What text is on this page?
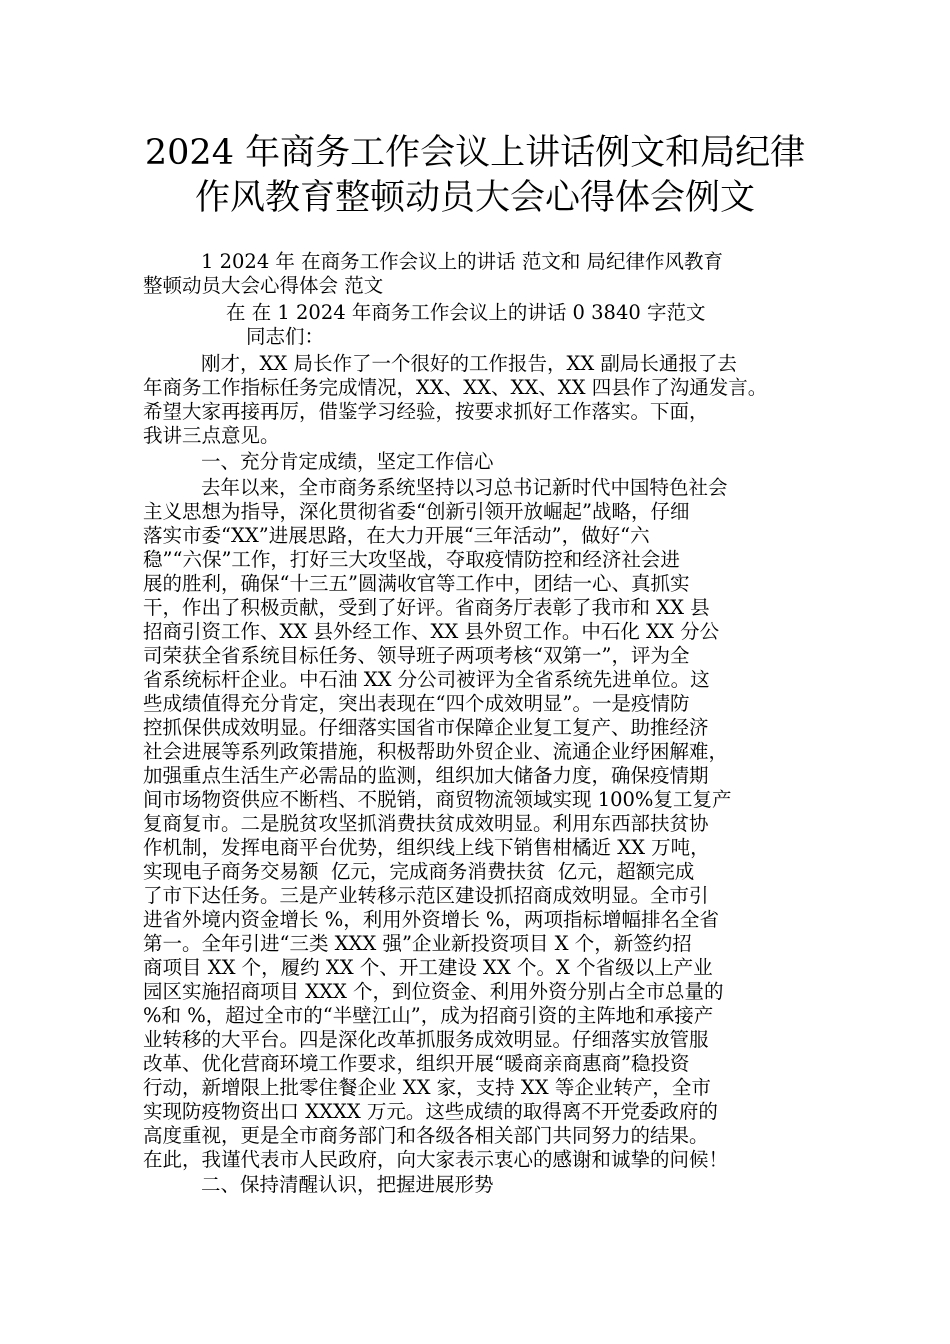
2024 年商务工作会议上讲话例文和局纪律
作风教育整顿动员大会心得体会例文
1 2024 年 在商务工作会议上的讲话 范文和 局纪律作风教育
整顿动员大会心得体会 范文
在 在 1 2024 年商务工作会议上的讲话 0 3840 字范文
同志们：
刚才，XX 局长作了一个很好的工作报告，XX 副局长通报了去
年商务工作指标任务完成情况，XX、XX、XX、XX 四县作了沟通发言。
希望大家再接再厉，借鉴学习经验，按要求抓好工作落实。下面，
我讲三点意见。
一、充分肯定成绩，坚定工作信心
去年以来，全市商务系统坚持以习总书记新时代中国特色社会
主义思想为指导，深化贯彻省委“创新引领开放崛起”战略，仔细
落实市委“XX”进展思路，在大力开展“三年活动”，做好“六
稳”“六保”工作，打好三大攻坚战，夺取疫情防控和经济社会进
展的胜利，确保“十三五”圆满收官等工作中，团结一心、真抓实
干，作出了积极贡献，受到了好评。省商务厅表彰了我市和 XX 县
招商引资工作、XX 县外经工作、XX 县外贸工作。中石化 XX 分公
司荣获全省系统目标任务、领导班子两项考核“双第一”，评为全
省系统标杆企业。中石油 XX 分公司被评为全省系统先进单位。这
些成绩值得充分肯定，突出表现在“四个成效明显”。一是疫情防
控抓保供成效明显。仔细落实国省市保障企业复工复产、助推经济
社会进展等系列政策措施，积极帮助外贸企业、流通企业纾困解难，
加强重点生活生产必需品的监测，组织加大储备力度，确保疫情期
间市场物资供应不断档、不脱销，商贸物流领域实现 100%复工复产
复商复市。二是脱贫攻坚抓消费扶贫成效明显。利用东西部扶贫协
作机制，发挥电商平台优势，组织线上线下销售柑橘近 XX 万吨，
实现电子商务交易额  亿元，完成商务消费扶贫  亿元，超额完成
了市下达任务。三是产业转移示范区建设抓招商成效明显。全市引
进省外境内资金增长 %，利用外资增长 %，两项指标增幅排名全省
第一。全年引进“三类 XXX 强”企业新投资项目 X 个，新签约招
商项目 XX 个，履约 XX 个、开工建设 XX 个。X 个省级以上产业
园区实施招商项目 XXX 个，到位资金、利用外资分别占全市总量的
%和 %，超过全市的“半壁江山”，成为招商引资的主阵地和承接产
业转移的大平台。四是深化改革抓服务成效明显。仔细落实放管服
改革、优化营商环境工作要求，组织开展“暖商亲商惠商”稳投资
行动，新增限上批零住餐企业 XX 家，支持 XX 等企业转产，全市
实现防疫物资出口 XXXX 万元。这些成绩的取得离不开党委政府的
高度重视，更是全市商务部门和各级各相关部门共同努力的结果。
在此，我谨代表市人民政府，向大家表示衷心的感谢和诚挚的问候！
二、保持清醒认识，把握进展形势
